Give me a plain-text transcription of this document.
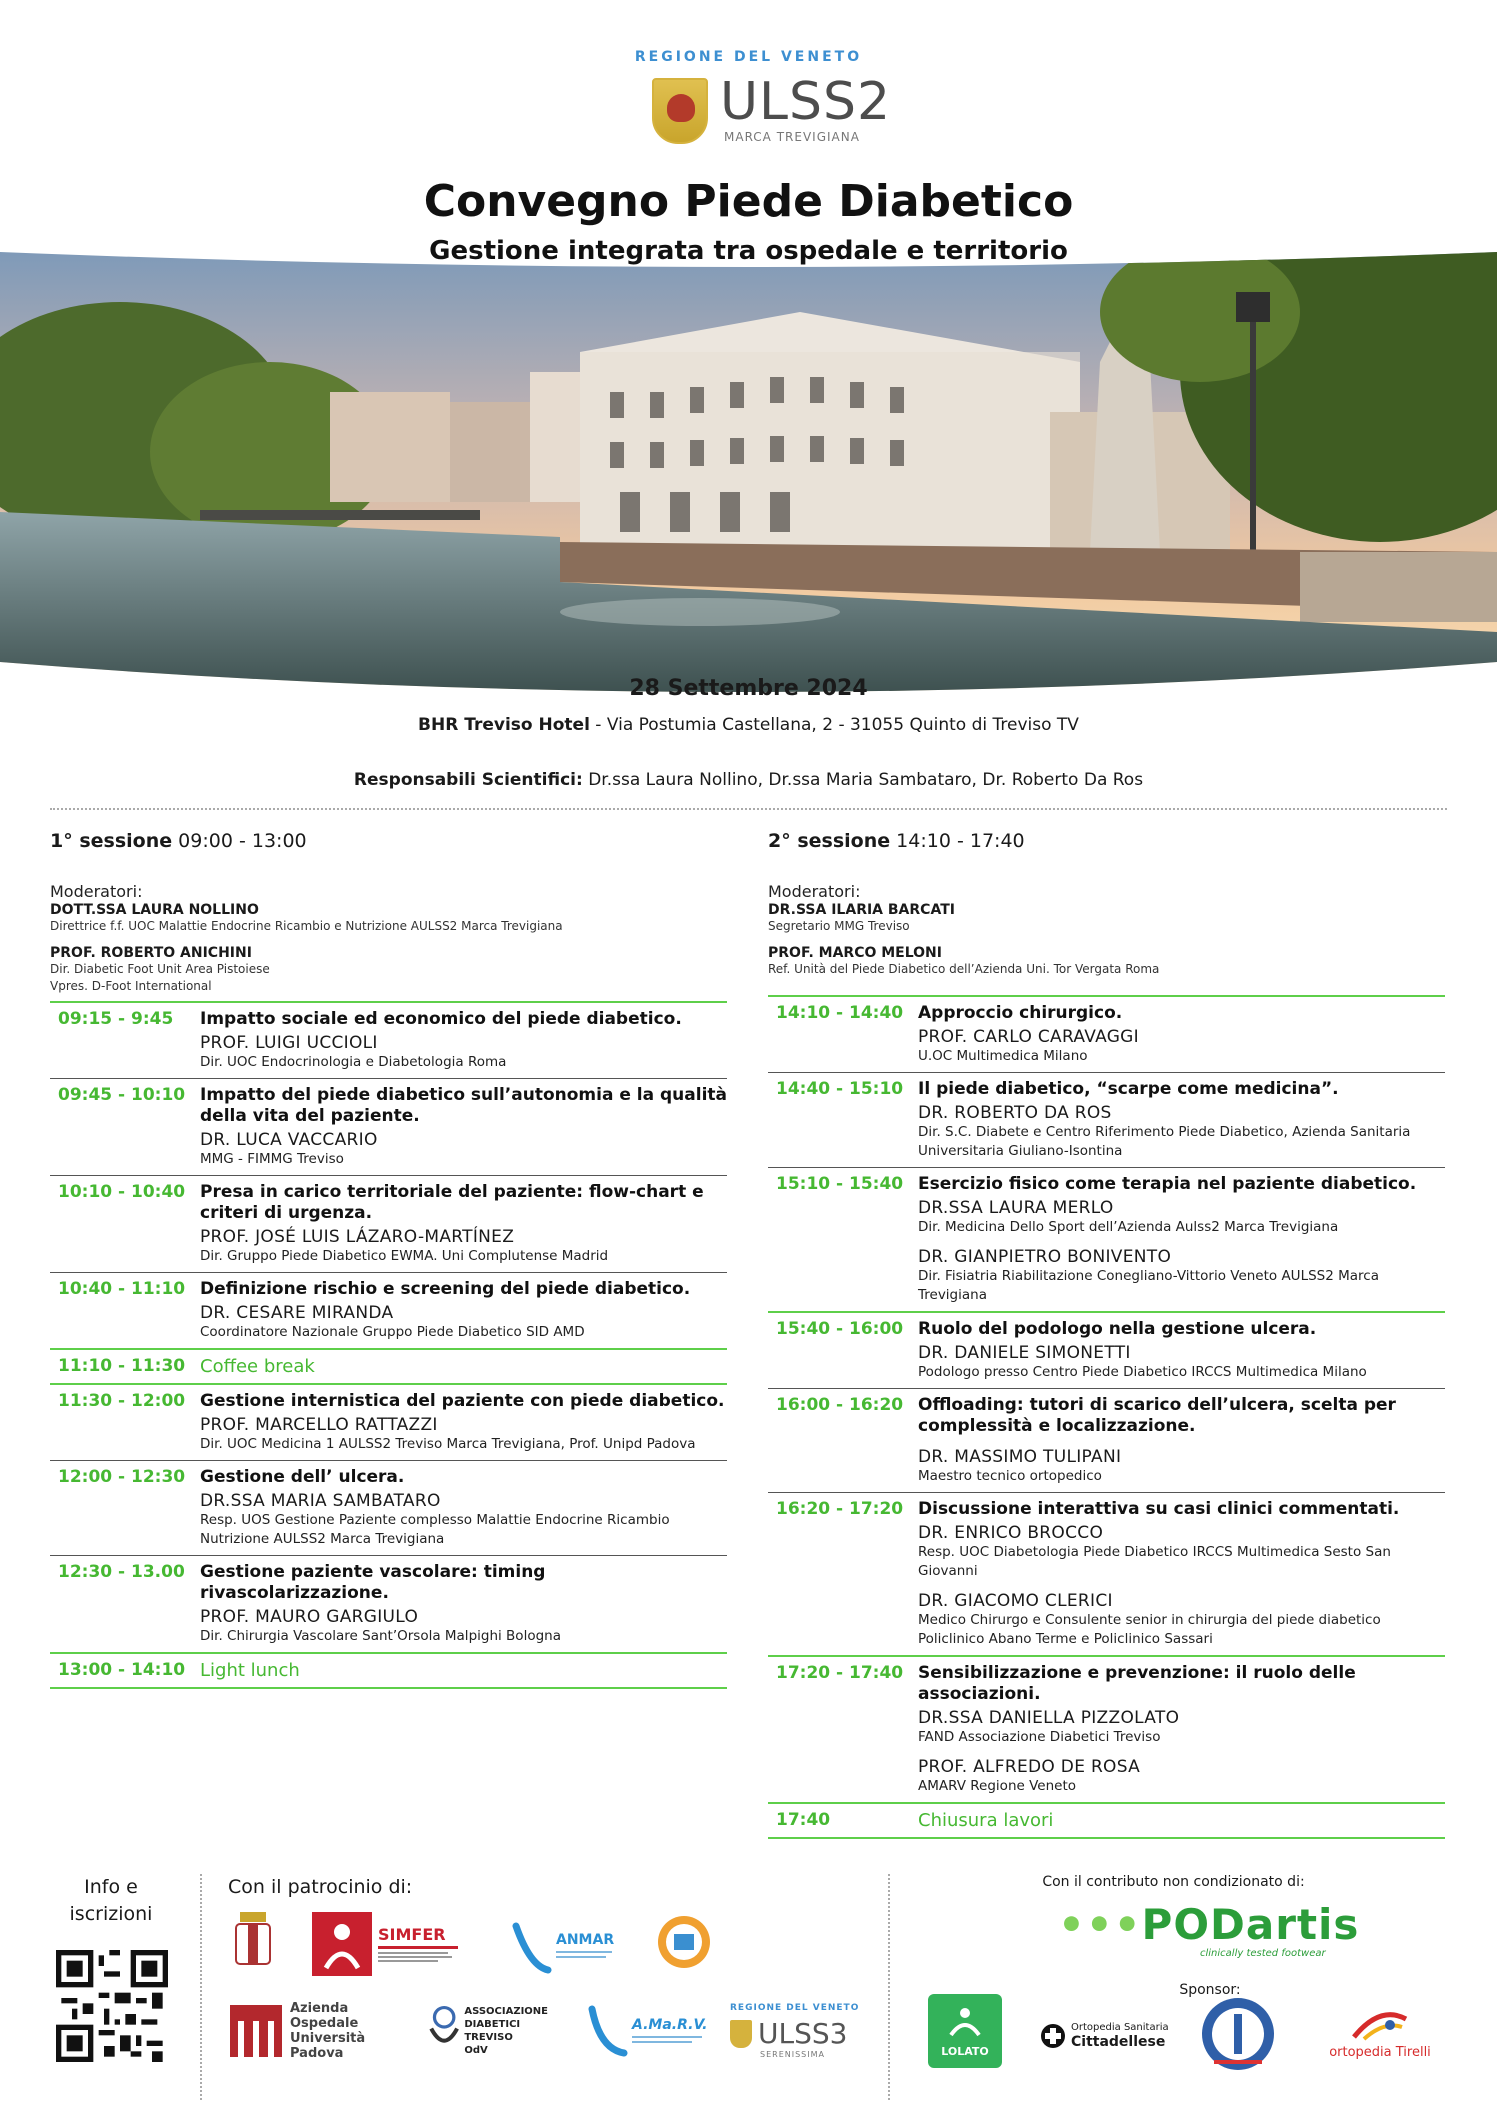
REGIONE DEL VENETO
ULSS2
MARCA TREVIGIANA
Convegno Piede Diabetico
Gestione integrata tra ospedale e territorio
28 Settembre 2024
BHR Treviso Hotel - Via Postumia Castellana, 2 - 31055 Quinto di Treviso TV
Responsabili Scientifici: Dr.ssa Laura Nollino, Dr.ssa Maria Sambataro, Dr. Roberto Da Ros
1° sessione 09:00 - 13:00
Moderatori:
DOTT.SSA LAURA NOLLINO
Direttrice f.f. UOC Malattie Endocrine Ricambio e Nutrizione AULSS2 Marca Trevigiana
PROF. ROBERTO ANICHINI
Dir. Diabetic Foot Unit Area Pistoiese
Vpres. D-Foot International
09:15 - 9:45	Impatto sociale ed economico del piede diabetico.
PROF. LUIGI UCCIOLI
Dir. UOC Endocrinologia e Diabetologia Roma
09:45 - 10:10 Impatto del piede diabetico sull’autonomia e la qualità della vita del paziente.
DR. LUCA VACCARIO
MMG - FIMMG Treviso
10:10 - 10:40 Presa in carico territoriale del paziente: flow-chart e criteri di urgenza.
PROF. JOSÉ LUIS LÁZARO-MARTÍNEZ
Dir. Gruppo Piede Diabetico EWMA. Uni Complutense Madrid
10:40 - 11:10 Definizione rischio e screening del piede diabetico.
DR. CESARE MIRANDA
Coordinatore Nazionale Gruppo Piede Diabetico SID AMD
11:10 - 11:30 Coffee break
11:30 - 12:00 Gestione internistica del paziente con piede diabetico.
PROF. MARCELLO RATTAZZI
Dir. UOC Medicina 1 AULSS2 Treviso Marca Trevigiana, Prof. Unipd Padova
12:00 - 12:30 Gestione dell’ ulcera.
DR.SSA MARIA SAMBATARO
Resp. UOS Gestione Paziente complesso Malattie Endocrine Ricambio Nutrizione AULSS2 Marca Trevigiana
12:30 - 13.00 Gestione paziente vascolare: timing rivascolarizzazione.
PROF. MAURO GARGIULO
Dir. Chirurgia Vascolare Sant’Orsola Malpighi Bologna
13:00 - 14:10 Light lunch
2° sessione 14:10 - 17:40
Moderatori:
DR.SSA ILARIA BARCATI
Segretario MMG Treviso
PROF. MARCO MELONI
Ref. Unità del Piede Diabetico dell’Azienda Uni. Tor Vergata Roma
14:10 - 14:40 Approccio chirurgico.
PROF. CARLO CARAVAGGI
U.OC Multimedica Milano
14:40 - 15:10 Il piede diabetico, “scarpe come medicina”.
DR. ROBERTO DA ROS
Dir. S.C. Diabete e Centro Riferimento Piede Diabetico, Azienda Sanitaria Universitaria Giuliano-Isontina
15:10 - 15:40 Esercizio fisico come terapia nel paziente diabetico.
DR.SSA LAURA MERLO
Dir. Medicina Dello Sport dell’Azienda Aulss2 Marca Trevigiana
DR. GIANPIETRO BONIVENTO
Dir. Fisiatria Riabilitazione Conegliano-Vittorio Veneto AULSS2 Marca Trevigiana
15:40 - 16:00 Ruolo del podologo nella gestione ulcera.
DR. DANIELE SIMONETTI
Podologo presso Centro Piede Diabetico IRCCS Multimedica Milano
16:00 - 16:20 Offloading: tutori di scarico dell’ulcera, scelta per complessità e localizzazione.
DR. MASSIMO TULIPANI
Maestro tecnico ortopedico
16:20 - 17:20 Discussione interattiva su casi clinici commentati.
DR. ENRICO BROCCO
Resp. UOC Diabetologia Piede Diabetico IRCCS Multimedica Sesto San Giovanni
DR. GIACOMO CLERICI
Medico Chirurgo e Consulente senior in chirurgia del piede diabetico Policlinico Abano Terme e Policlinico Sassari
17:20 - 17:40 Sensibilizzazione e prevenzione: il ruolo delle associazioni.
DR.SSA DANIELLA PIZZOLATO
FAND Associazione Diabetici Treviso
PROF. ALFREDO DE ROSA
AMARV Regione Veneto
17:40	Chiusura lavori
Info e
iscrizioni
Con il patrocinio di:
SIMFER	ANMAR
Azienda
Ospedale
Università
Padova
ASSOCIAZIONE
DIABETICI
TREVISO
OdV
A.Ma.R.V.
REGIONE DEL VENETO
ULSS3
SERENISSIMA
Con il contributo non condizionato di:
•••PODartis
clinically tested footwear
Sponsor:
LOLATO
Ortopedia Sanitaria
Cittadellese
ortopedia Tirelli
